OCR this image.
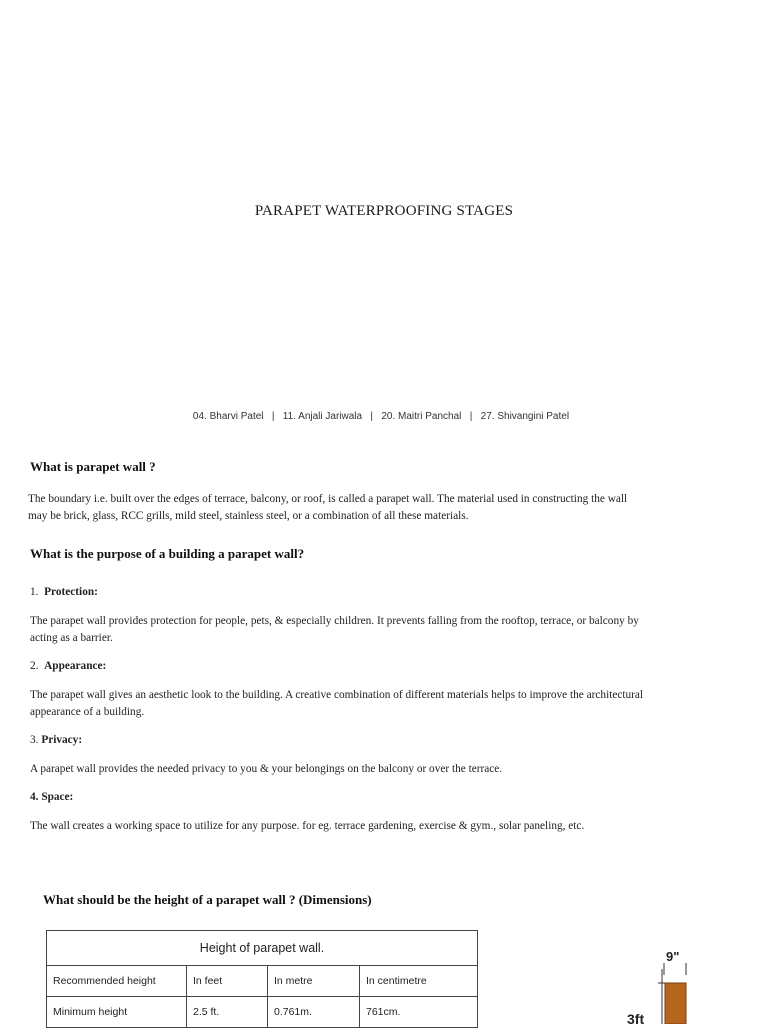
PARAPET WATERPROOFING STAGES
04. Bharvi Patel   |   11. Anjali Jariwala   |   20. Maitri Panchal   |   27. Shivangini Patel
What is parapet wall ?
The boundary i.e. built over the edges of terrace, balcony, or roof, is called a parapet wall. The material used in constructing the wall
may be brick, glass, RCC grills, mild steel, stainless steel, or a combination of all these materials.
What is the purpose of a building a parapet wall?
1. Protection:
The parapet wall provides protection for people, pets, & especially children. It prevents falling from the rooftop, terrace, or balcony by
acting as a barrier.
2. Appearance:
The parapet wall gives an aesthetic look to the building. A creative combination of different materials helps to improve the architectural
appearance of a building.
3. Privacy:
A parapet wall provides the needed privacy to you & your belongings on the balcony or over the terrace.
4. Space:
The wall creates a working space to utilize for any purpose. for eg. terrace gardening, exercise & gym., solar paneling, etc.
What should be the height of a parapet wall ? (Dimensions)
Height of parapet wall.			
Recommended height	In feet	In metre	In centimetre
Minimum height	2.5 ft.	0.761m.	761cm.
9"
3ft
